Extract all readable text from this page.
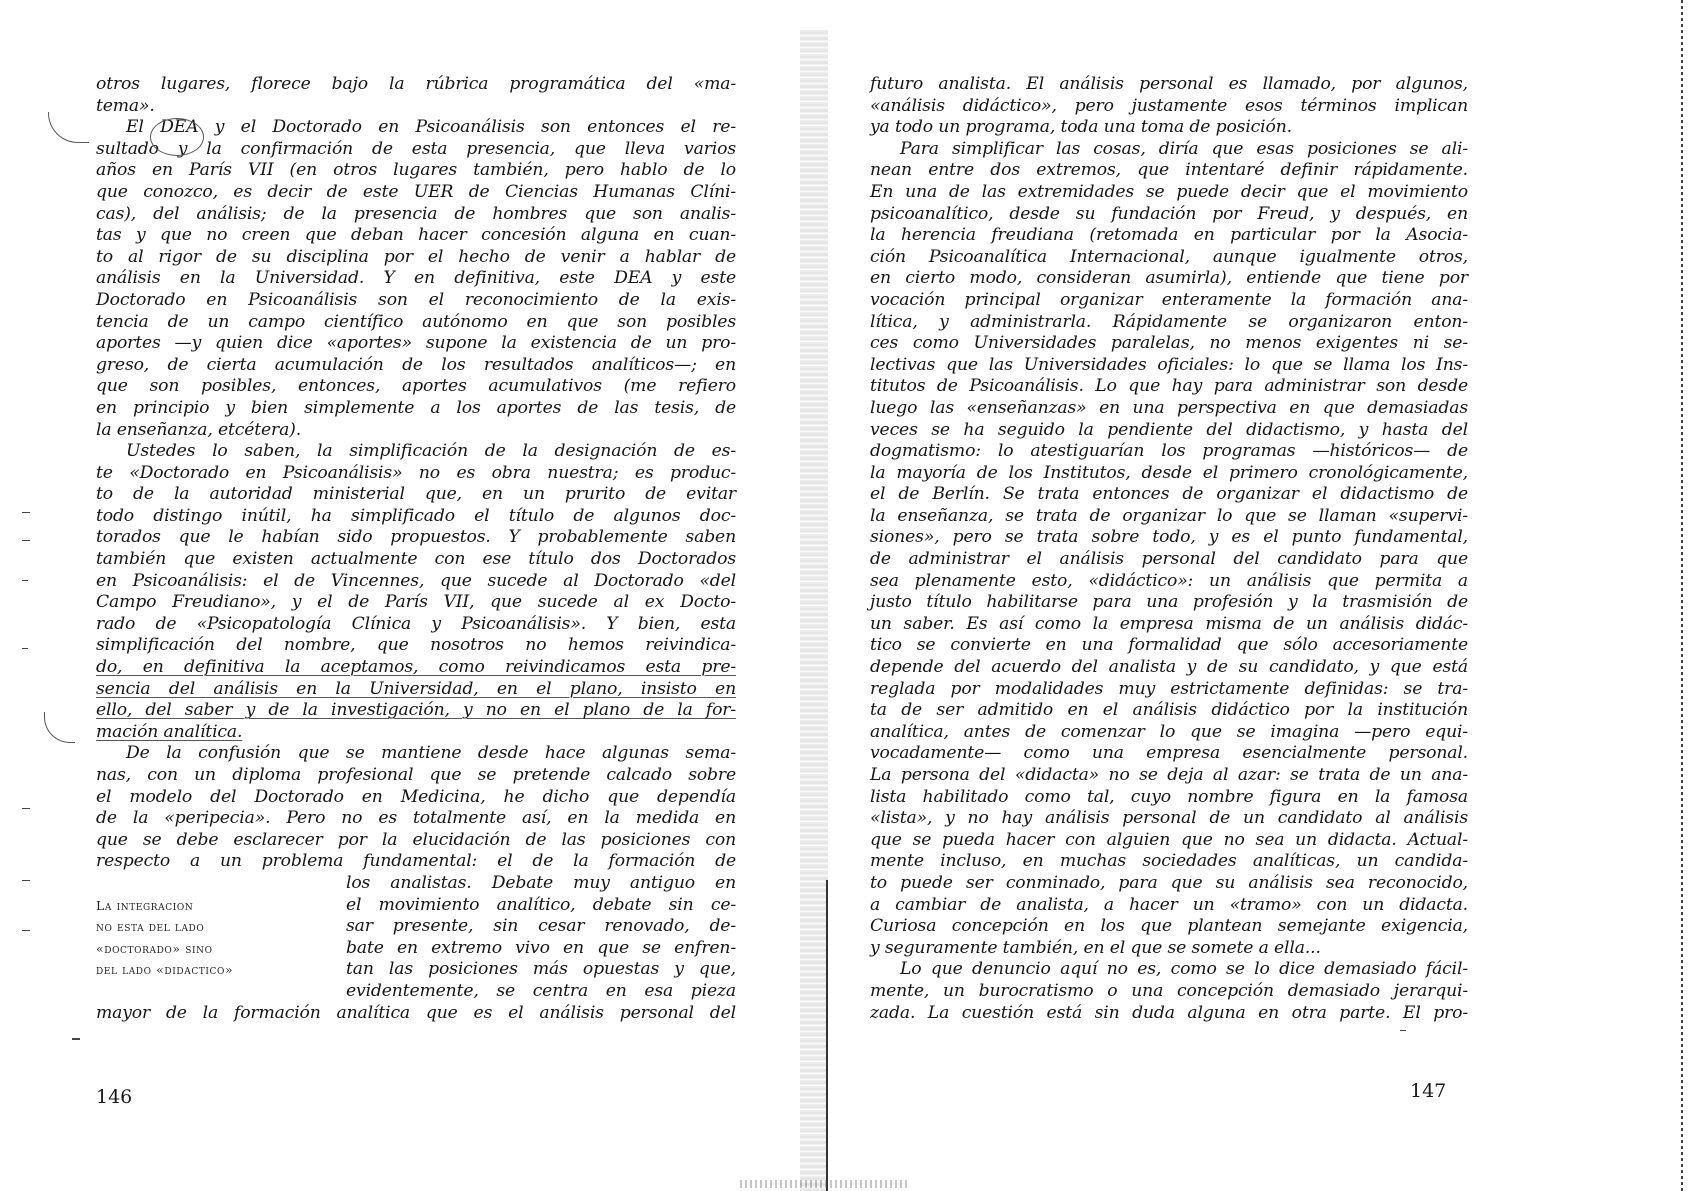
otros lugares, florece bajo la rúbrica programática del «ma-
tema».
El DEA y el Doctorado en Psicoanálisis son entonces el re-
sultado y la confirmación de esta presencia, que lleva varios
años en París VII (en otros lugares también, pero hablo de lo
que conozco, es decir de este UER de Ciencias Humanas Clíni-
cas), del análisis; de la presencia de hombres que son analis-
tas y que no creen que deban hacer concesión alguna en cuan-
to al rigor de su disciplina por el hecho de venir a hablar de
análisis en la Universidad. Y en definitiva, este DEA y este
Doctorado en Psicoanálisis son el reconocimiento de la exis-
tencia de un campo científico autónomo en que son posibles
aportes —y quien dice «aportes» supone la existencia de un pro-
greso, de cierta acumulación de los resultados analíticos—; en
que son posibles, entonces, aportes acumulativos (me refiero
en principio y bien simplemente a los aportes de las tesis, de
la enseñanza, etcétera).
Ustedes lo saben, la simplificación de la designación de es-
te «Doctorado en Psicoanálisis» no es obra nuestra; es produc-
to de la autoridad ministerial que, en un prurito de evitar
todo distingo inútil, ha simplificado el título de algunos doc-
torados que le habían sido propuestos. Y probablemente saben
también que existen actualmente con ese título dos Doctorados
en Psicoanálisis: el de Vincennes, que sucede al Doctorado «del
Campo Freudiano», y el de París VII, que sucede al ex Docto-
rado de «Psicopatología Clínica y Psicoanálisis». Y bien, esta
simplificación del nombre, que nosotros no hemos reivindica-
do, en definitiva la aceptamos, como reivindicamos esta pre-
sencia del análisis en la Universidad, en el plano, insisto en
ello, del saber y de la investigación, y no en el plano de la for-
mación analítica.
De la confusión que se mantiene desde hace algunas sema-
nas, con un diploma profesional que se pretende calcado sobre
el modelo del Doctorado en Medicina, he dicho que dependía
de la «peripecia». Pero no es totalmente así, en la medida en
que se debe esclarecer por la elucidación de las posiciones con
respecto a un problema fundamental: el de la formación de
los analistas. Debate muy antiguo en
La integracion	el movimiento analítico, debate sin ce-
no esta del lado	sar presente, sin cesar renovado, de-
«doctorado» sino	bate en extremo vivo en que se enfren-
del lado «didactico»	tan las posiciones más opuestas y que,
evidentemente, se centra en esa pieza
mayor de la formación analítica que es el análisis personal del
146
futuro analista. El análisis personal es llamado, por algunos,
«análisis didáctico», pero justamente esos términos implican
ya todo un programa, toda una toma de posición.
Para simplificar las cosas, diría que esas posiciones se ali-
nean entre dos extremos, que intentaré definir rápidamente.
En una de las extremidades se puede decir que el movimiento
psicoanalítico, desde su fundación por Freud, y después, en
la herencia freudiana (retomada en particular por la Asocia-
ción Psicoanalítica Internacional, aunque igualmente otros,
en cierto modo, consideran asumirla), entiende que tiene por
vocación principal organizar enteramente la formación ana-
lítica, y administrarla. Rápidamente se organizaron enton-
ces como Universidades paralelas, no menos exigentes ni se-
lectivas que las Universidades oficiales: lo que se llama los Ins-
titutos de Psicoanálisis. Lo que hay para administrar son desde
luego las «enseñanzas» en una perspectiva en que demasiadas
veces se ha seguido la pendiente del didactismo, y hasta del
dogmatismo: lo atestiguarían los programas —históricos— de
la mayoría de los Institutos, desde el primero cronológicamente,
el de Berlín. Se trata entonces de organizar el didactismo de
la enseñanza, se trata de organizar lo que se llaman «supervi-
siones», pero se trata sobre todo, y es el punto fundamental,
de administrar el análisis personal del candidato para que
sea plenamente esto, «didáctico»: un análisis que permita a
justo título habilitarse para una profesión y la trasmisión de
un saber. Es así como la empresa misma de un análisis didác-
tico se convierte en una formalidad que sólo accesoriamente
depende del acuerdo del analista y de su candidato, y que está
reglada por modalidades muy estrictamente definidas: se tra-
ta de ser admitido en el análisis didáctico por la institución
analítica, antes de comenzar lo que se imagina —pero equi-
vocadamente— como una empresa esencialmente personal.
La persona del «didacta» no se deja al azar: se trata de un ana-
lista habilitado como tal, cuyo nombre figura en la famosa
«lista», y no hay análisis personal de un candidato al análisis
que se pueda hacer con alguien que no sea un didacta. Actual-
mente incluso, en muchas sociedades analíticas, un candida-
to puede ser conminado, para que su análisis sea reconocido,
a cambiar de analista, a hacer un «tramo» con un didacta.
Curiosa concepción en los que plantean semejante exigencia,
y seguramente también, en el que se somete a ella...
Lo que denuncio aquí no es, como se lo dice demasiado fácil-
mente, un burocratismo o una concepción demasiado jerarqui-
zada. La cuestión está sin duda alguna en otra parte. El pro-
147
